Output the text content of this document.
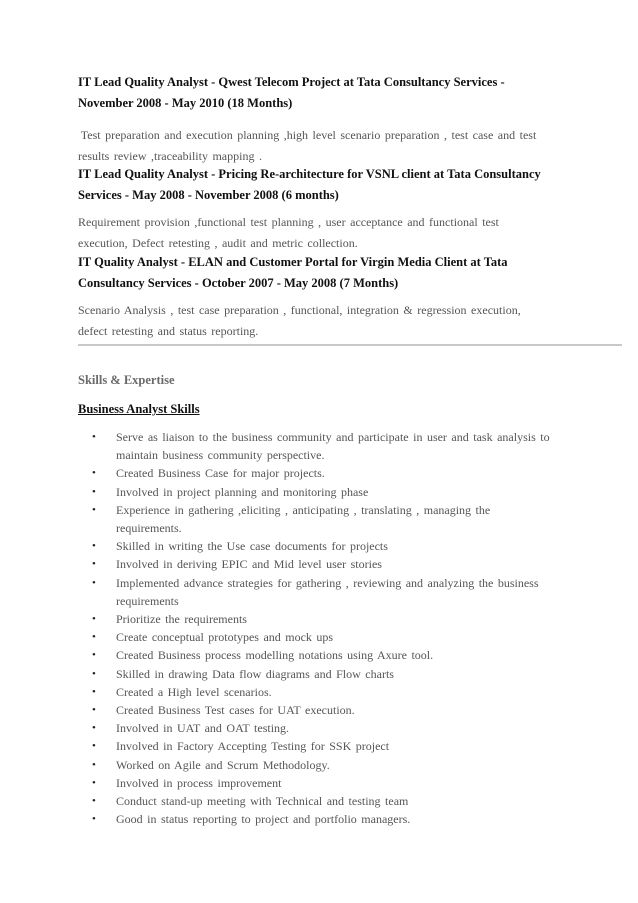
IT Lead Quality Analyst - Qwest Telecom Project at Tata Consultancy Services -
November 2008 - May 2010 (18 Months)

Test preparation and execution planning ,high level scenario preparation , test case and test
results review ,traceability mapping .

IT Lead Quality Analyst - Pricing Re-architecture for VSNL client at Tata Consultancy
Services - May 2008 - November 2008 (6 months)

Requirement provision ,functional test planning , user acceptance and functional test
execution, Defect retesting , audit and metric collection.

IT Quality Analyst - ELAN and Customer Portal for Virgin Media Client at Tata
Consultancy Services - October 2007 - May 2008 (7 Months)

Scenario Analysis , test case preparation , functional, integration & regression execution,
defect retesting and status reporting.

Skills & Expertise
Business Analyst Skills
• Serve as liaison to the business community and participate in user and task analysis to
maintain business community perspective.
• Created Business Case for major projects.
• Involved in project planning and monitoring phase
• Experience in gathering ,eliciting , anticipating , translating , managing the
requirements.
• Skilled in writing the Use case documents for projects
• Involved in deriving EPIC and Mid level user stories
• Implemented advance strategies for gathering , reviewing and analyzing the business
requirements
• Prioritize the requirements
• Create conceptual prototypes and mock ups
• Created Business process modelling notations using Axure tool.
• Skilled in drawing Data flow diagrams and Flow charts
• Created a High level scenarios.
• Created Business Test cases for UAT execution.
• Involved in UAT and OAT testing.
• Involved in Factory Accepting Testing for SSK project
• Worked on Agile and Scrum Methodology.
• Involved in process improvement
• Conduct stand-up meeting with Technical and testing team
• Good in status reporting to project and portfolio managers.
